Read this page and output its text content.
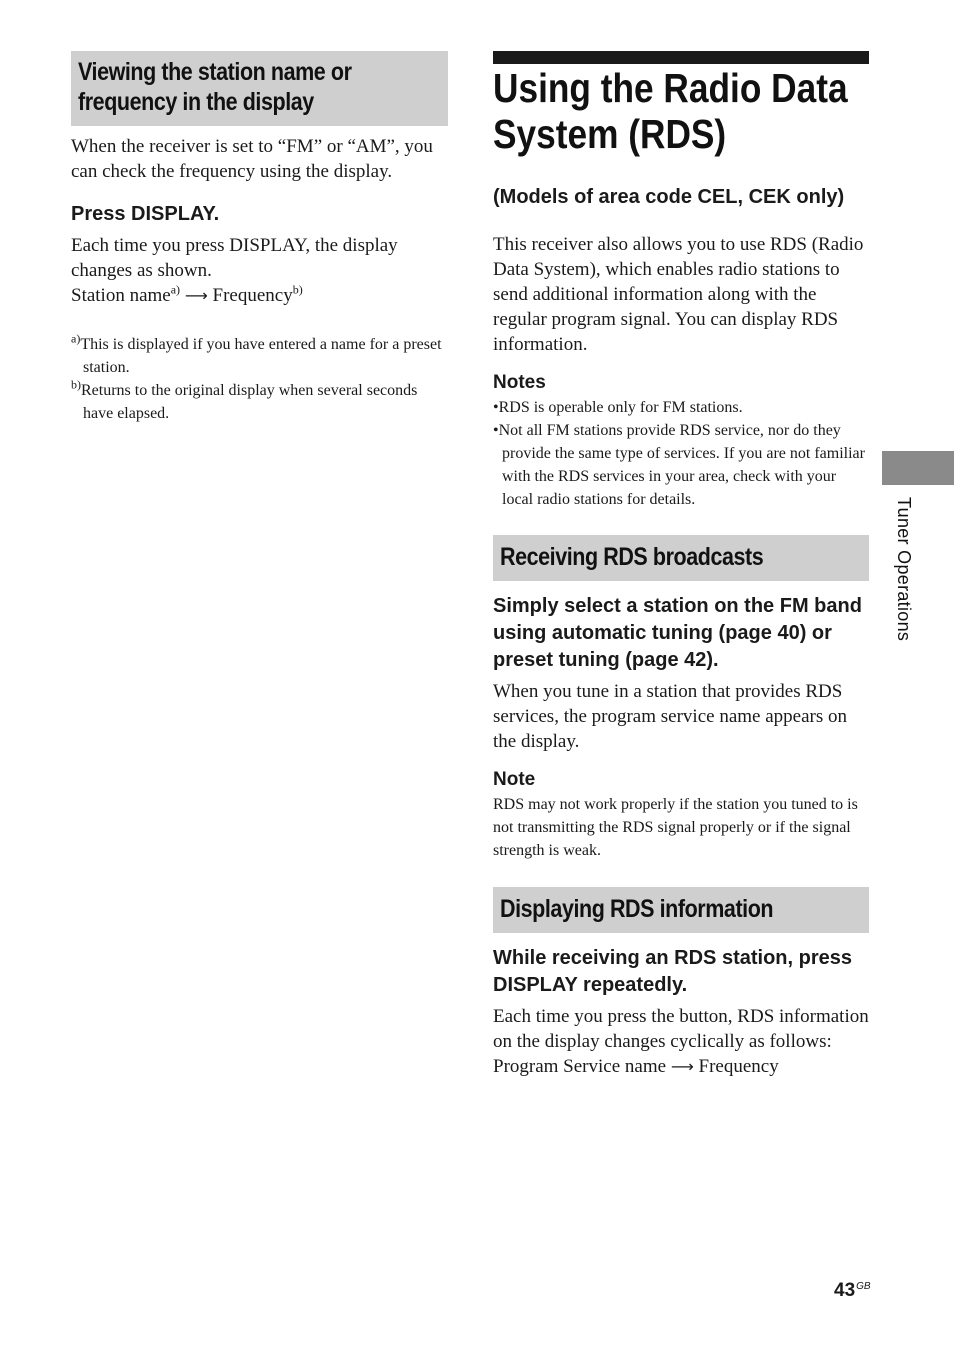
Viewing the station name or
frequency in the display

When the receiver is set to “FM” or “AM”, you can check the frequency using the display.

Press DISPLAY.

Each time you press DISPLAY, the display changes as shown.

Station name$^{a)}$ ⟶ Frequency$^{b)}$

$^{a)}$This is displayed if you have entered a name for a preset station.

$^{b)}$Returns to the original display when several seconds have elapsed.

Using the Radio Data
System (RDS)

(Models of area code CEL, CEK only)

This receiver also allows you to use RDS (Radio Data System), which enables radio stations to send additional information along with the regular program signal. You can display RDS information.

Notes

•RDS is operable only for FM stations.

•Not all FM stations provide RDS service, nor do they provide the same type of services. If you are not familiar with the RDS services in your area, check with your local radio stations for details.

Receiving RDS broadcasts

Simply select a station on the FM band using automatic tuning (page 40) or preset tuning (page 42).

When you tune in a station that provides RDS services, the program service name appears on the display.

Note

RDS may not work properly if the station you tuned to is not transmitting the RDS signal properly or if the signal strength is weak.

Displaying RDS information

While receiving an RDS station, press DISPLAY repeatedly.

Each time you press the button, RDS information on the display changes cyclically as follows:

Program Service name ⟶ Frequency

Tuner Operations
$43^{GB}$
